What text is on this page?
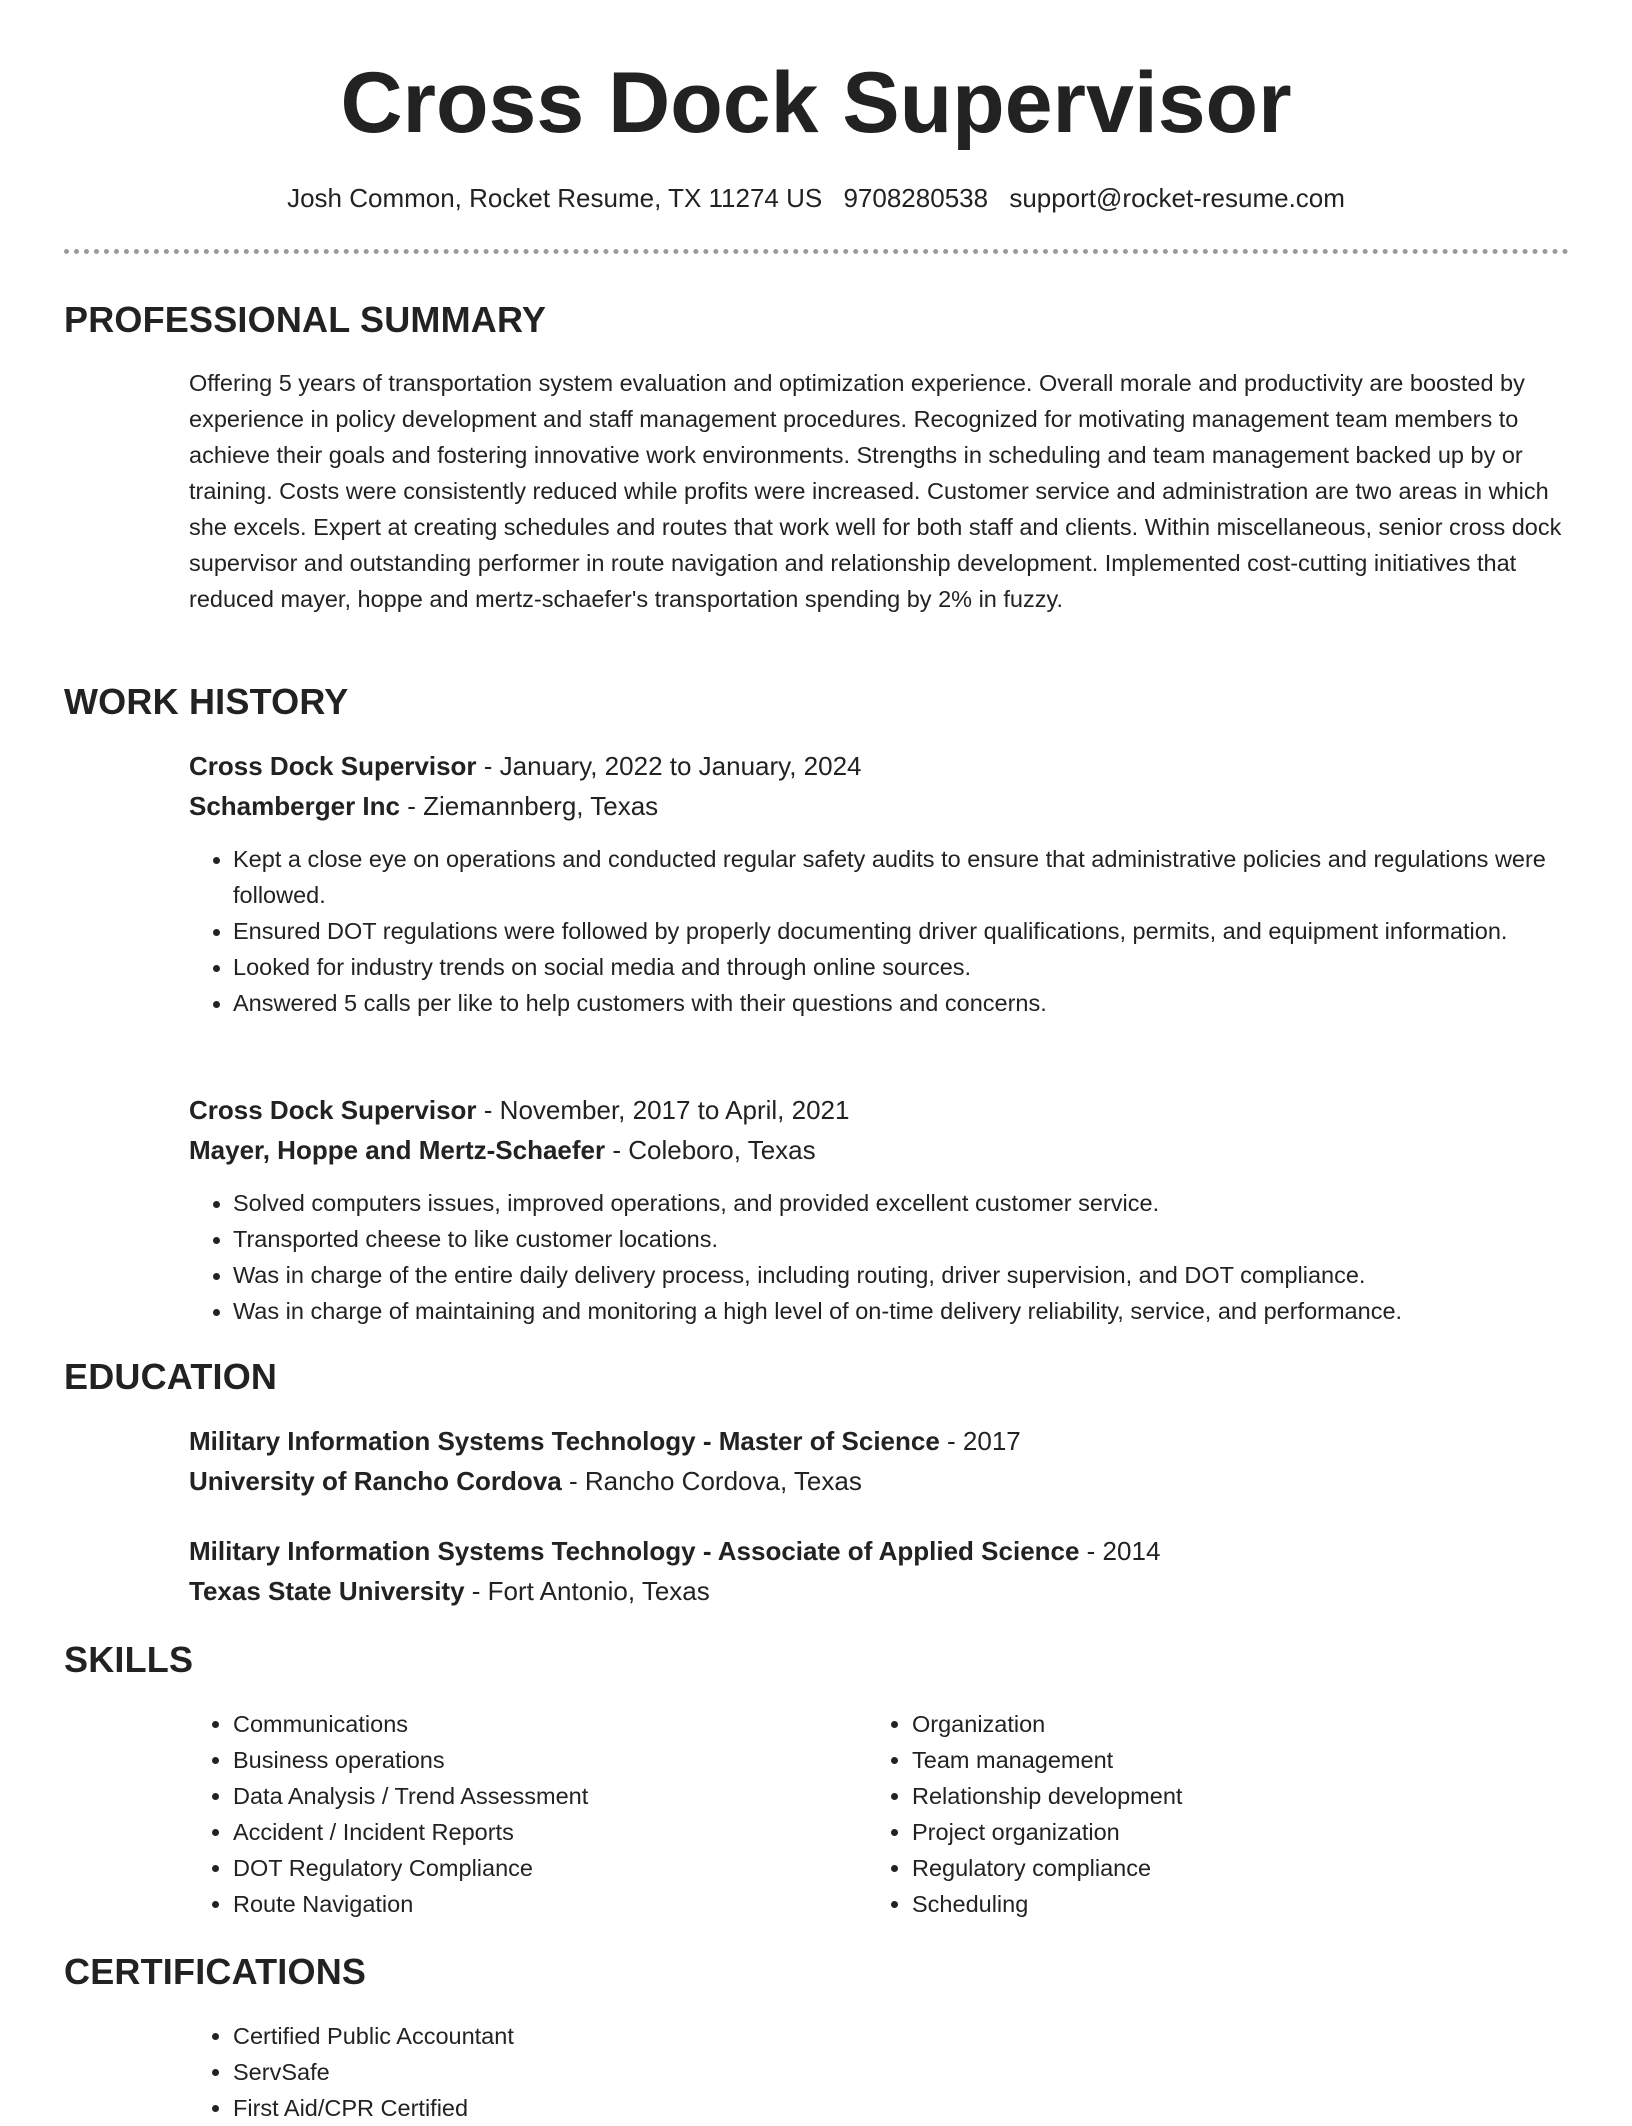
Cross Dock Supervisor
Josh Common, Rocket Resume, TX 11274 US 9708280538 support@rocket-resume.com
PROFESSIONAL SUMMARY

Offering 5 years of transportation system evaluation and optimization experience. Overall morale and productivity are boosted by experience in policy development and staff management procedures. Recognized for motivating management team members to achieve their goals and fostering innovative work environments. Strengths in scheduling and team management backed up by or training. Costs were consistently reduced while profits were increased. Customer service and administration are two areas in which she excels. Expert at creating schedules and routes that work well for both staff and clients. Within miscellaneous, senior cross dock supervisor and outstanding performer in route navigation and relationship development. Implemented cost-cutting initiatives that reduced mayer, hoppe and mertz-schaefer's transportation spending by 2% in fuzzy.

WORK HISTORY
Cross Dock Supervisor - January, 2022 to January, 2024
Schamberger Inc - Ziemannberg, Texas
• Kept a close eye on operations and conducted regular safety audits to ensure that administrative policies and regulations were followed.
• Ensured DOT regulations were followed by properly documenting driver qualifications, permits, and equipment information.
• Looked for industry trends on social media and through online sources.
• Answered 5 calls per like to help customers with their questions and concerns.
Cross Dock Supervisor - November, 2017 to April, 2021
Mayer, Hoppe and Mertz-Schaefer - Coleboro, Texas
• Solved computers issues, improved operations, and provided excellent customer service.
• Transported cheese to like customer locations.
• Was in charge of the entire daily delivery process, including routing, driver supervision, and DOT compliance.
• Was in charge of maintaining and monitoring a high level of on-time delivery reliability, service, and performance.
EDUCATION
Military Information Systems Technology - Master of Science - 2017
University of Rancho Cordova - Rancho Cordova, Texas
Military Information Systems Technology - Associate of Applied Science - 2014
Texas State University - Fort Antonio, Texas
SKILLS
• Communications
• Business operations
• Data Analysis / Trend Assessment
• Accident / Incident Reports
• DOT Regulatory Compliance
• Route Navigation
• Organization
• Team management
• Relationship development
• Project organization
• Regulatory compliance
• Scheduling
CERTIFICATIONS
• Certified Public Accountant
• ServSafe
• First Aid/CPR Certified
